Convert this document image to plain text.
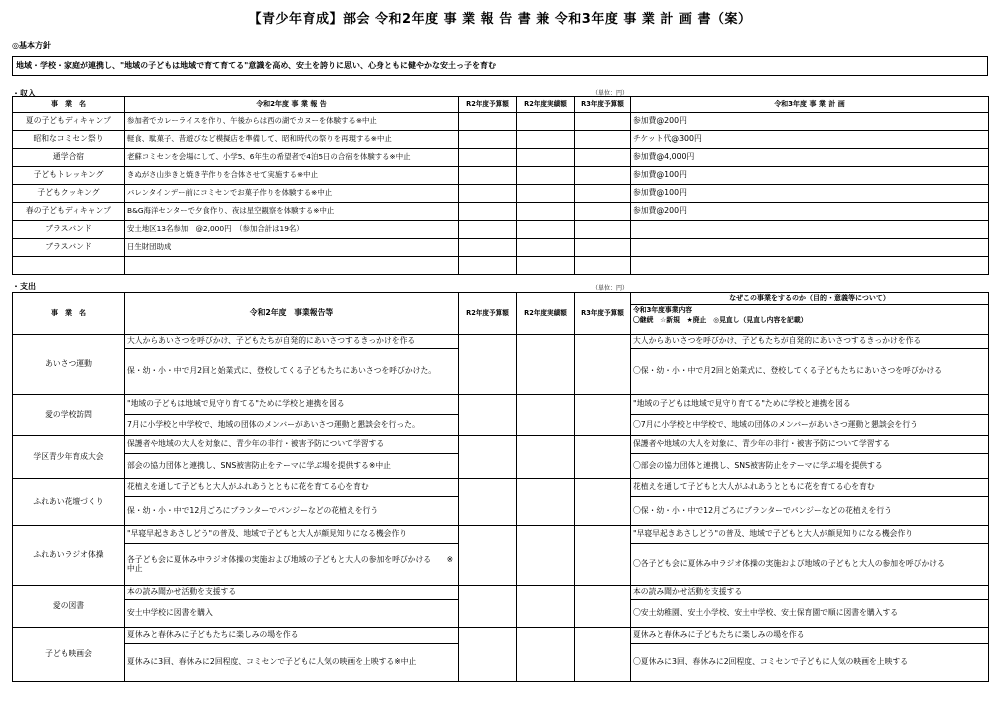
【青少年育成】部会 令和2年度 事 業 報 告 書 兼 令和3年度 事 業 計 画 書（案）
◎基本方針
地域・学校・家庭が連携し、"地域の子どもは地域で育て育てる"意識を高め、安土を誇りに思い、心身ともに健やかな安土っ子を育む
・収入	（単位：円）
事　業　名	令和2年度 事 業 報 告	R2年度予算額	R2年度実績額	R3年度予算額	令和3年度 事 業 計 画
夏の子どもディキャンプ	参加者でカレーライスを作り、午後からは西の湖でカヌーを体験する※中止				参加費@200円
昭和なコミセン祭り	軽食、駄菓子、昔遊びなど模擬店を準備して、昭和時代の祭りを再現する※中止				チケット代@300円
通学合宿	老蘇コミセンを会場にして、小学5、6年生の希望者で4泊5日の合宿を体験する※中止				参加費@4,000円
子どもトレッキング	きぬがさ山歩きと焼き芋作りを合体させて実施する※中止				参加費@100円
子どもクッキング	バレンタインデー前にコミセンでお菓子作りを体験する※中止				参加費@100円
春の子どもディキャンプ	B&G海洋センターで夕食作り、夜は星空観察を体験する※中止				参加費@200円
ブラスバンド	安土地区13名参加　@2,000円　（参加合計は19名）				
ブラスバンド	日生財団助成				

・支出	（単位：円）
事　業　名	令和2年度　事業報告等	R2年度予算額	R2年度実績額	R3年度予算額	なぜこの事業をするのか（目的・意義等について）

					令和3年度事業内容
〇継続　☆新規　★廃止　◎見直し（見直し内容を記載）

あいさつ運動	大人からあいさつを呼びかけ、子どもたちが自発的にあいさつするきっかけを作る				大人からあいさつを呼びかけ、子どもたちが自発的にあいさつするきっかけを作る
	保・幼・小・中で月2回と始業式に、登校してくる子どもたちにあいさつを呼びかけた。				〇保・幼・小・中で月2回と始業式に、登校してくる子どもたちにあいさつを呼びかける
愛の学校訪問	"地域の子どもは地域で見守り育てる"ために学校と連携を図る				"地域の子どもは地域で見守り育てる"ために学校と連携を図る
	7月に小学校と中学校で、地域の団体のメンバーがあいさつ運動と懇談会を行った。				〇7月に小学校と中学校で、地域の団体のメンバーがあいさつ運動と懇談会を行う
学区青少年育成大会	保護者や地域の大人を対象に、青少年の非行・被害予防について学習する				保護者や地域の大人を対象に、青少年の非行・被害予防について学習する
	部会の協力団体と連携し、SNS被害防止をテーマに学ぶ場を提供する※中止				〇部会の協力団体と連携し、SNS被害防止をテーマに学ぶ場を提供する
ふれあい花壇づくり	花植えを通して子どもと大人がふれあうとともに花を育てる心を育む				花植えを通して子どもと大人がふれあうとともに花を育てる心を育む
	保・幼・小・中で12月ごろにプランターでパンジーなどの花植えを行う				〇保・幼・小・中で12月ごろにプランターでパンジーなどの花植えを行う
ふれあいラジオ体操	"早寝早起きあさしどう"の普及、地域で子どもと大人が顔見知りになる機会作り				"早寝早起きあさしどう"の普及、地域で子どもと大人が顔見知りになる機会作り
	各子ども会に夏休み中ラジオ体操の実施および地域の子どもと大人の参加を呼びかける　　※中止				〇各子ども会に夏休み中ラジオ体操の実施および地域の子どもと大人の参加を呼びかける
愛の図書	本の読み聞かせ活動を支援する				本の読み聞かせ活動を支援する
	安土中学校に図書を購入				〇安土幼稚園、安土小学校、安土中学校、安土保育園で順に図書を購入する
子ども映画会	夏休みと春休みに子どもたちに楽しみの場を作る				夏休みと春休みに子どもたちに楽しみの場を作る
	夏休みに3回、春休みに2回程度、コミセンで子どもに人気の映画を上映する※中止				〇夏休みに3回、春休みに2回程度、コミセンで子どもに人気の映画を上映する
